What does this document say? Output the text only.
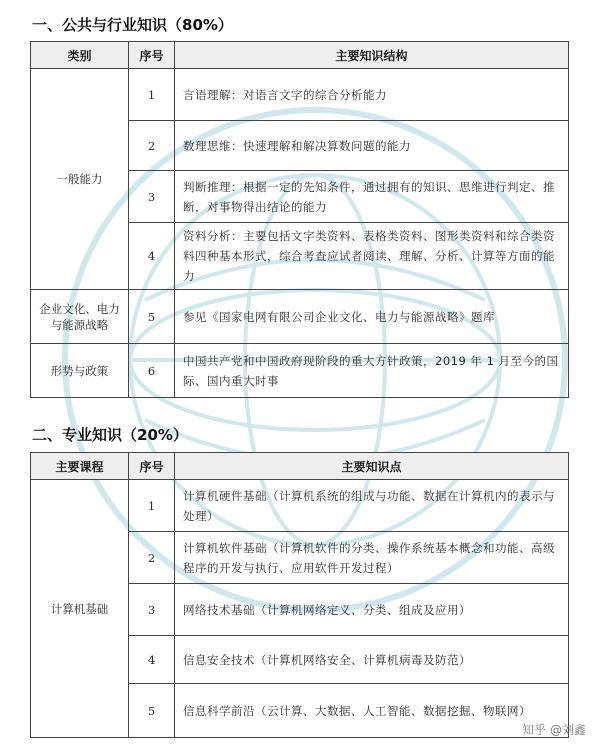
一、公共与行业知识（80%）
类别	序号	主要知识结构
一般能力	1	言语理解：对语言文字的综合分析能力
	2	数理思维：快速理解和解决算数问题的能力
	3	判断推理：根据一定的先知条件，通过拥有的知识、思维进行判定、推断，对事物得出结论的能力
	4	资料分析：主要包括文字类资料、表格类资料、图形类资料和综合类资料四种基本形式，综合考查应试者阅读、理解、分析、计算等方面的能力
企业文化、电力与能源战略	5	参见《国家电网有限公司企业文化、电力与能源战略》题库
形势与政策	6	中国共产党和中国政府现阶段的重大方针政策，2019 年 1 月至今的国际、国内重大时事
二、专业知识（20%）
主要课程	序号	主要知识点
计算机基础	1	计算机硬件基础（计算机系统的组成与功能、数据在计算机内的表示与处理）
	2	计算机软件基础（计算机软件的分类、操作系统基本概念和功能、高级程序的开发与执行、应用软件开发过程）
	3	网络技术基础（计算机网络定义、分类、组成及应用）
	4	信息安全技术（计算机网络安全、计算机病毒及防范）
	5	信息科学前沿（云计算、大数据、人工智能、数据挖掘、物联网）
知乎 @刘鑫
